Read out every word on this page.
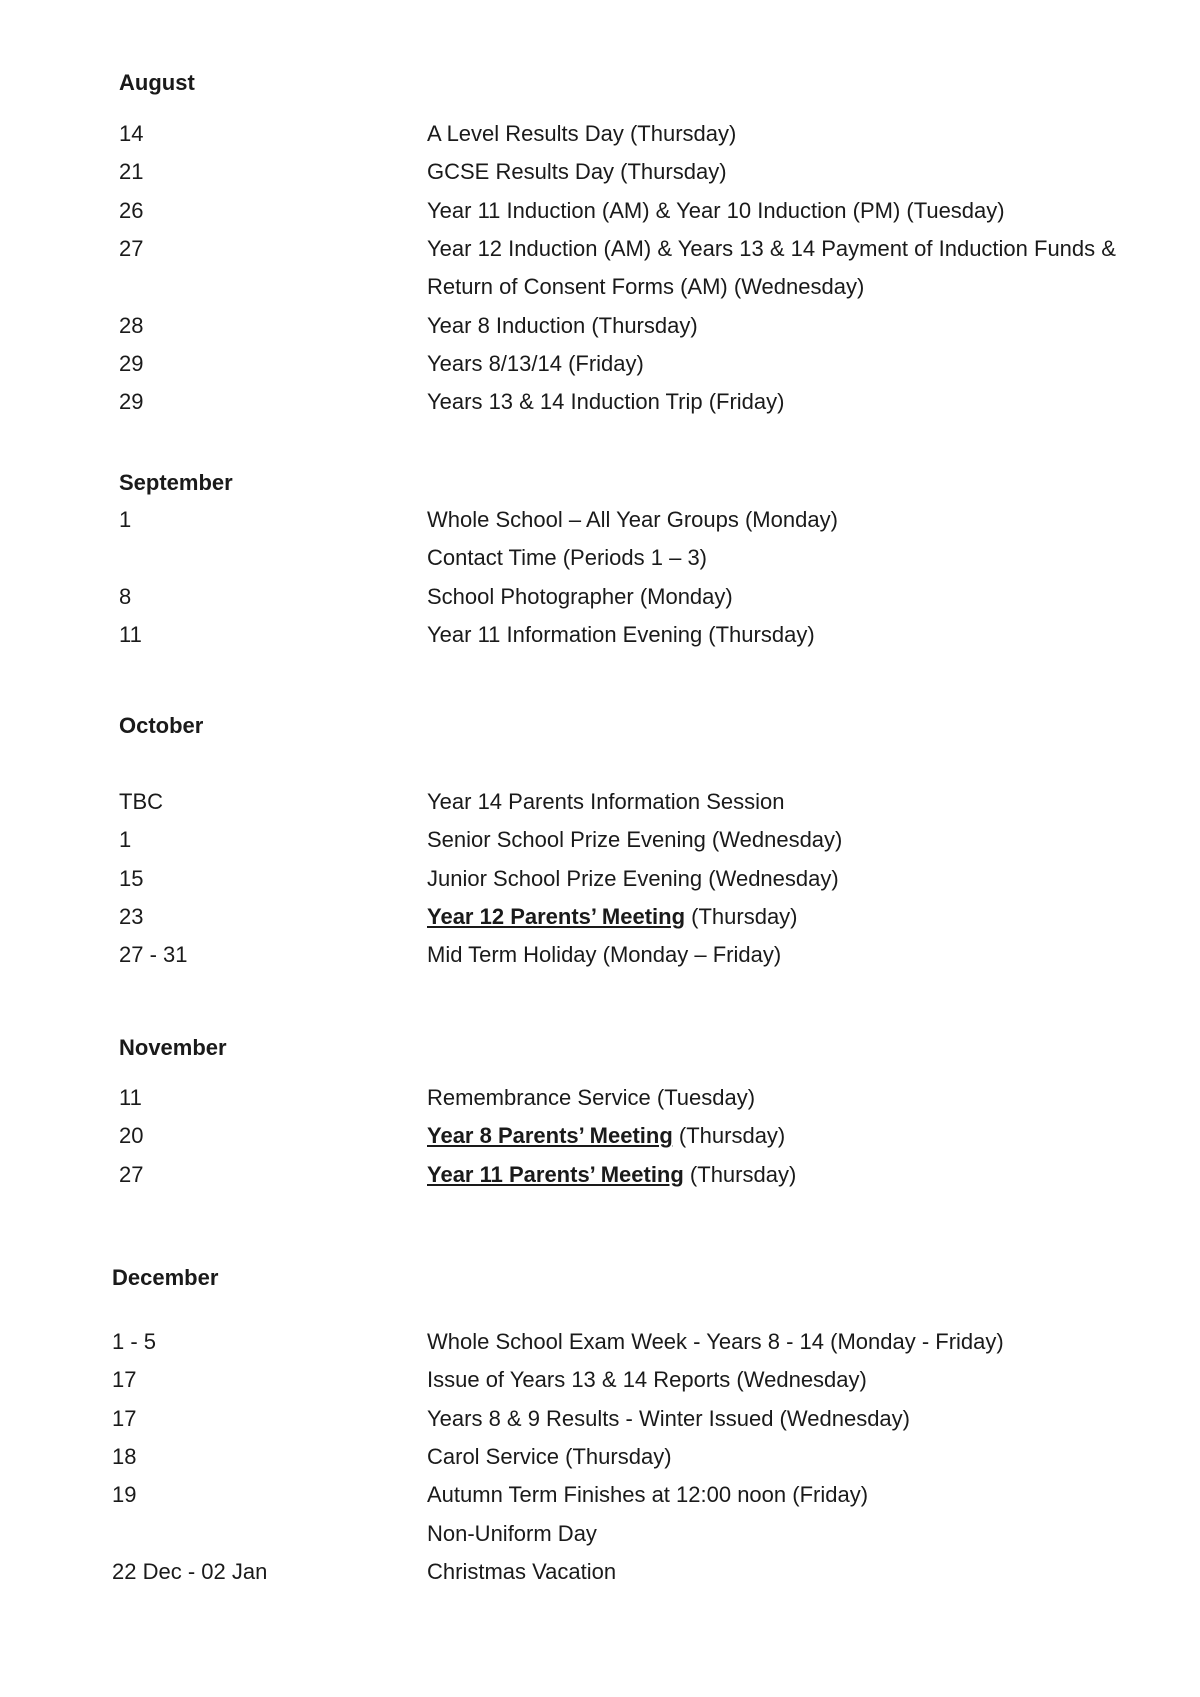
August
14	A Level Results Day (Thursday)
21	GCSE Results Day (Thursday)
26	Year 11 Induction (AM) & Year 10 Induction (PM) (Tuesday)
27	Year 12 Induction (AM) & Years 13 & 14 Payment of Induction Funds &
Return of Consent Forms (AM) (Wednesday)
28	Year 8 Induction (Thursday)
29	Years 8/13/14 (Friday)
29	Years 13 & 14 Induction Trip (Friday)
September
1	Whole School – All Year Groups (Monday)
Contact Time (Periods 1 – 3)
8	School Photographer (Monday)
11	Year 11 Information Evening (Thursday)
October
TBC	Year 14 Parents Information Session
1	Senior School Prize Evening (Wednesday)
15	Junior School Prize Evening (Wednesday)
23	Year 12 Parents’ Meeting (Thursday)
27 - 31	Mid Term Holiday (Monday – Friday)
November
11	Remembrance Service (Tuesday)
20	Year 8 Parents’ Meeting (Thursday)
27	Year 11 Parents’ Meeting (Thursday)
December
1 - 5	Whole School Exam Week - Years 8 - 14 (Monday - Friday)
17	Issue of Years 13 & 14 Reports (Wednesday)
17	Years 8 & 9 Results - Winter Issued (Wednesday)
18	Carol Service (Thursday)
19	Autumn Term Finishes at 12:00 noon (Friday)
Non-Uniform Day
22 Dec - 02 Jan	Christmas Vacation
